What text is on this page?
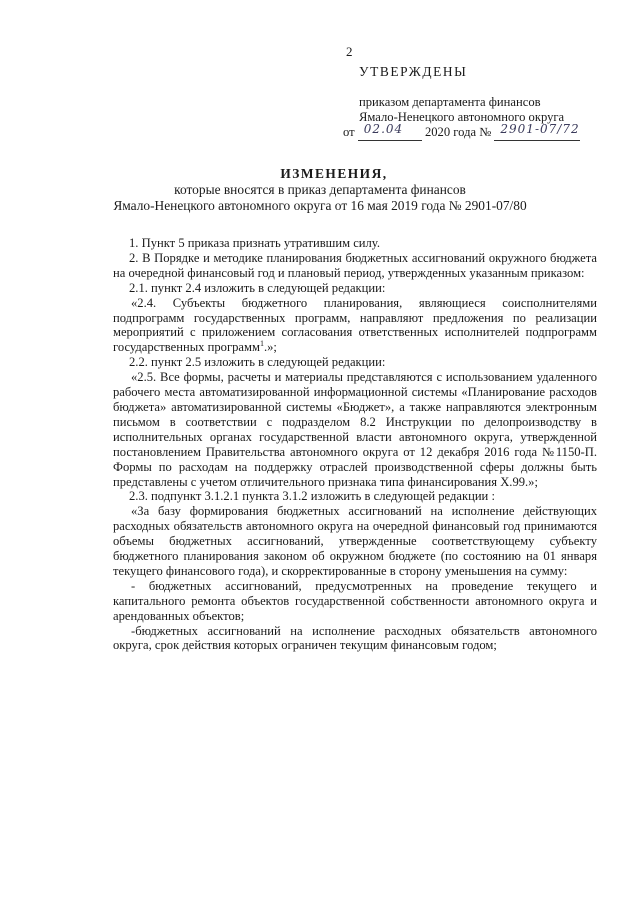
2
УТВЕРЖДЕНЫ
приказом департамента финансов
Ямало-Ненецкого автономного округа
от 02.04 2020 года № 2901-07/72

ИЗМЕНЕНИЯ,
которые вносятся в приказ департамента финансов
Ямало-Ненецкого автономного округа от 16 мая 2019 года № 2901-07/80

1. Пункт 5 приказа признать утратившим силу.

2. В Порядке и методике планирования бюджетных ассигнований окружного бюджета на очередной финансовый год и плановый период, утвержденных указанным приказом:

2.1. пункт 2.4 изложить в следующей редакции:

«2.4. Субъекты бюджетного планирования, являющиеся соисполнителями подпрограмм государственных программ, направляют предложения по реализации мероприятий с приложением согласования ответственных исполнителей подпрограмм государственных программ$^1$.»;

2.2. пункт 2.5 изложить в следующей редакции:

«2.5. Все формы, расчеты и материалы представляются с использованием удаленного рабочего места автоматизированной информационной системы «Планирование расходов бюджета» автоматизированной системы «Бюджет», а также направляются электронным письмом в соответствии с подразделом 8.2 Инструкции по делопроизводству в исполнительных органах государственной власти автономного округа, утвержденной постановлением Правительства автономного округа от 12 декабря 2016 года №1150-П. Формы по расходам на поддержку отраслей производственной сферы должны быть представлены с учетом отличительного признака типа финансирования Х.99.»;

2.3. подпункт 3.1.2.1 пункта 3.1.2 изложить в следующей редакции :

«За базу формирования бюджетных ассигнований на исполнение действующих расходных обязательств автономного округа на очередной финансовый год принимаются объемы бюджетных ассигнований, утвержденные соответствующему субъекту бюджетного планирования законом об окружном бюджете (по состоянию на 01 января текущего финансового года), и скорректированные в сторону уменьшения на сумму:

- бюджетных ассигнований, предусмотренных на проведение текущего и капитального ремонта объектов государственной собственности автономного округа и арендованных объектов;

-бюджетных ассигнований на исполнение расходных обязательств автономного округа, срок действия которых ограничен текущим финансовым годом;
